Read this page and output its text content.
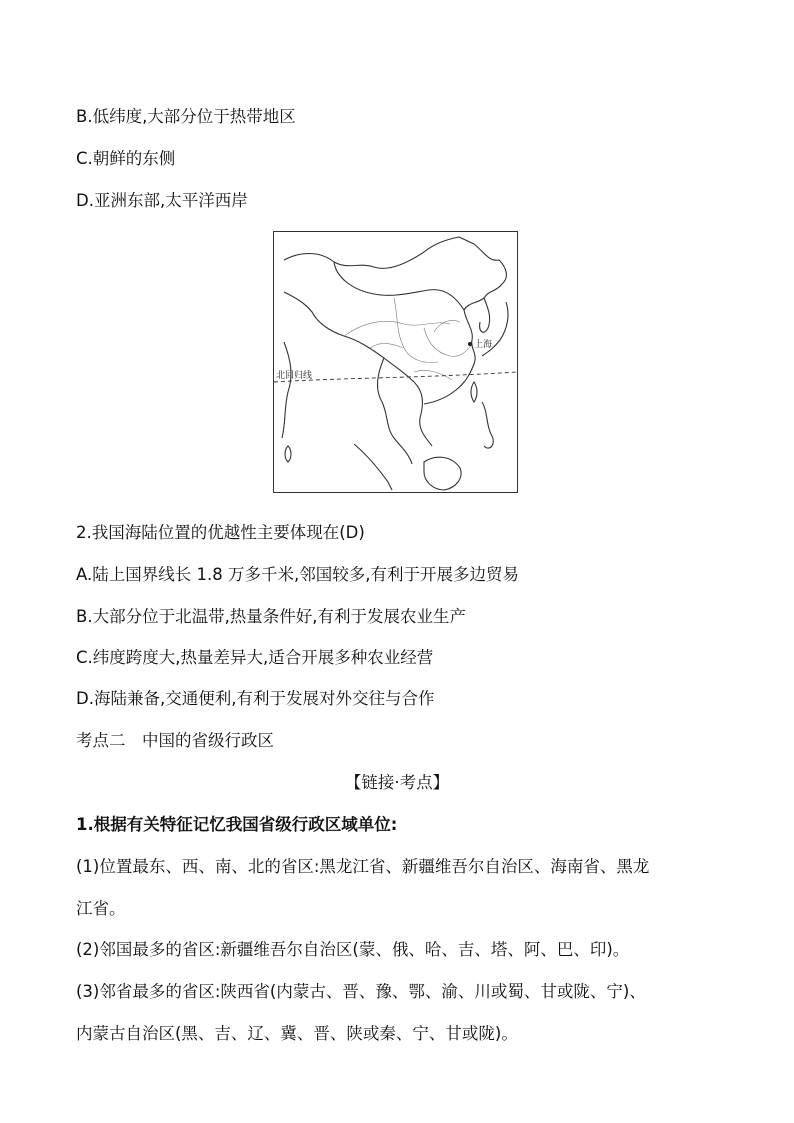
B.低纬度,大部分位于热带地区
C.朝鲜的东侧
D.亚洲东部,太平洋西岸
上海
北回归线
2.我国海陆位置的优越性主要体现在(D)
A.陆上国界线长 1.8 万多千米,邻国较多,有利于开展多边贸易
B.大部分位于北温带,热量条件好,有利于发展农业生产
C.纬度跨度大,热量差异大,适合开展多种农业经营
D.海陆兼备,交通便利,有利于发展对外交往与合作
考点二　中国的省级行政区
【链接·考点】
1.根据有关特征记忆我国省级行政区域单位:
(1)位置最东、西、南、北的省区:黑龙江省、新疆维吾尔自治区、海南省、黑龙
江省。
(2)邻国最多的省区:新疆维吾尔自治区(蒙、俄、哈、吉、塔、阿、巴、印)。
(3)邻省最多的省区:陕西省(内蒙古、晋、豫、鄂、渝、川或蜀、甘或陇、宁)、
内蒙古自治区(黑、吉、辽、冀、晋、陕或秦、宁、甘或陇)。
